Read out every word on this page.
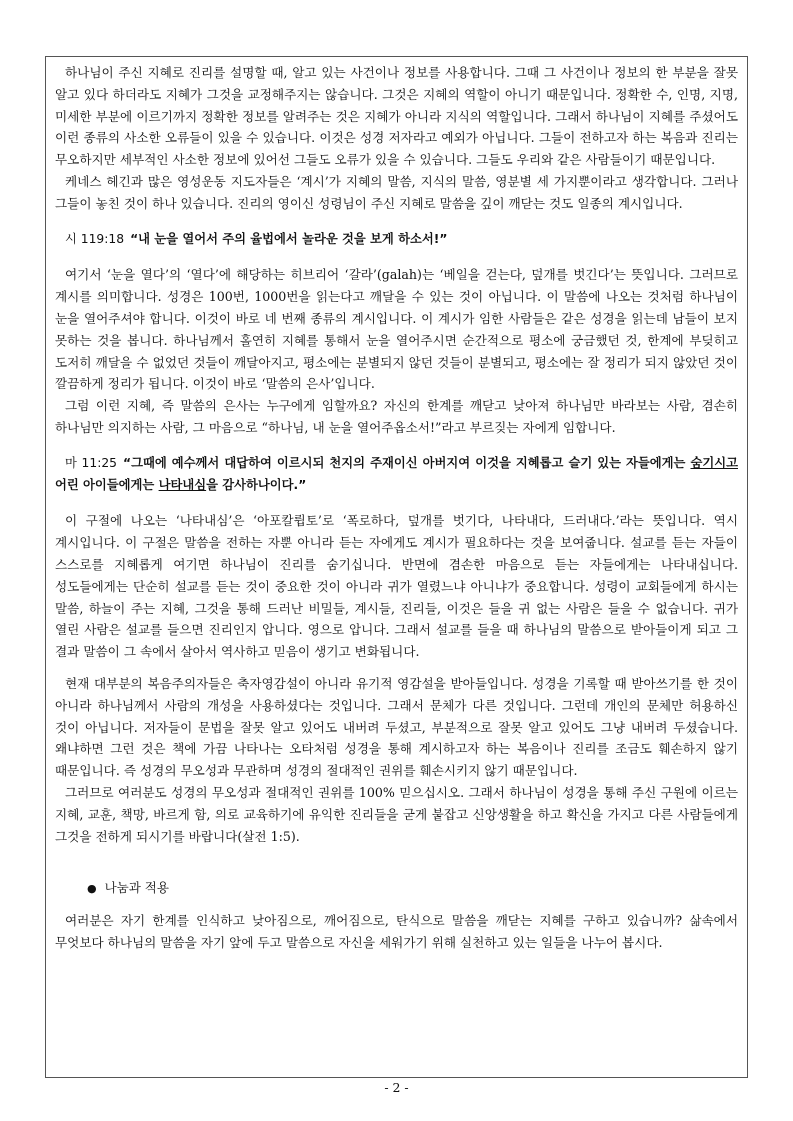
하나님이 주신 지혜로 진리를 설명할 때, 알고 있는 사건이나 정보를 사용합니다. 그때 그 사건이나 정보의 한 부분을 잘못 알고 있다 하더라도 지혜가 그것을 교정해주지는 않습니다. 그것은 지혜의 역할이 아니기 때문입니다. 정확한 수, 인명, 지명, 미세한 부분에 이르기까지 정확한 정보를 알려주는 것은 지혜가 아니라 지식의 역할입니다. 그래서 하나님이 지혜를 주셨어도 이런 종류의 사소한 오류들이 있을 수 있습니다. 이것은 성경 저자라고 예외가 아닙니다. 그들이 전하고자 하는 복음과 진리는 무오하지만 세부적인 사소한 정보에 있어선 그들도 오류가 있을 수 있습니다. 그들도 우리와 같은 사람들이기 때문입니다.

케네스 헤긴과 많은 영성운동 지도자들은 ‘계시’가 지혜의 말씀, 지식의 말씀, 영분별 세 가지뿐이라고 생각합니다. 그러나 그들이 놓친 것이 하나 있습니다. 진리의 영이신 성령님이 주신 지혜로 말씀을 깊이 깨닫는 것도 일종의 계시입니다.

시 119:18 “내 눈을 열어서 주의 율법에서 놀라운 것을 보게 하소서!”

여기서 ‘눈을 열다’의 ‘열다’에 해당하는 히브리어 ‘갈라’(galah)는 ‘베일을 걷는다, 덮개를 벗긴다’는 뜻입니다. 그러므로 계시를 의미합니다. 성경은 100번, 1000번을 읽는다고 깨달을 수 있는 것이 아닙니다. 이 말씀에 나오는 것처럼 하나님이 눈을 열어주셔야 합니다. 이것이 바로 네 번째 종류의 계시입니다. 이 계시가 임한 사람들은 같은 성경을 읽는데 남들이 보지 못하는 것을 봅니다. 하나님께서 홀연히 지혜를 통해서 눈을 열어주시면 순간적으로 평소에 궁금했던 것, 한계에 부딪히고 도저히 깨달을 수 없었던 것들이 깨달아지고, 평소에는 분별되지 않던 것들이 분별되고, 평소에는 잘 정리가 되지 않았던 것이 깔끔하게 정리가 됩니다. 이것이 바로 ‘말씀의 은사’입니다.

그럼 이런 지혜, 즉 말씀의 은사는 누구에게 임할까요? 자신의 한계를 깨닫고 낮아져 하나님만 바라보는 사람, 겸손히 하나님만 의지하는 사람, 그 마음으로 “하나님, 내 눈을 열어주옵소서!”라고 부르짖는 자에게 임합니다.

마 11:25 “그때에 예수께서 대답하여 이르시되 천지의 주재이신 아버지여 이것을 지혜롭고 슬기 있는 자들에게는 숨기시고 어린 아이들에게는 나타내심을 감사하나이다.”

이 구절에 나오는 ‘나타내심’은 ‘아포칼륍토’로 ‘폭로하다, 덮개를 벗기다, 나타내다, 드러내다.’라는 뜻입니다. 역시 계시입니다. 이 구절은 말씀을 전하는 자뿐 아니라 듣는 자에게도 계시가 필요하다는 것을 보여줍니다. 설교를 듣는 자들이 스스로를 지혜롭게 여기면 하나님이 진리를 숨기십니다. 반면에 겸손한 마음으로 듣는 자들에게는 나타내십니다. 성도들에게는 단순히 설교를 듣는 것이 중요한 것이 아니라 귀가 열렸느냐 아니냐가 중요합니다. 성령이 교회들에게 하시는 말씀, 하늘이 주는 지혜, 그것을 통해 드러난 비밀들, 계시들, 진리들, 이것은 들을 귀 없는 사람은 들을 수 없습니다. 귀가 열린 사람은 설교를 들으면 진리인지 압니다. 영으로 압니다. 그래서 설교를 들을 때 하나님의 말씀으로 받아들이게 되고 그 결과 말씀이 그 속에서 살아서 역사하고 믿음이 생기고 변화됩니다.

현재 대부분의 복음주의자들은 축자영감설이 아니라 유기적 영감설을 받아들입니다. 성경을 기록할 때 받아쓰기를 한 것이 아니라 하나님께서 사람의 개성을 사용하셨다는 것입니다. 그래서 문체가 다른 것입니다. 그런데 개인의 문체만 허용하신 것이 아닙니다. 저자들이 문법을 잘못 알고 있어도 내버려 두셨고, 부분적으로 잘못 알고 있어도 그냥 내버려 두셨습니다. 왜냐하면 그런 것은 책에 가끔 나타나는 오타처럼 성경을 통해 계시하고자 하는 복음이나 진리를 조금도 훼손하지 않기 때문입니다. 즉 성경의 무오성과 무관하며 성경의 절대적인 권위를 훼손시키지 않기 때문입니다.

그러므로 여러분도 성경의 무오성과 절대적인 권위를 100% 믿으십시오. 그래서 하나님이 성경을 통해 주신 구원에 이르는 지혜, 교훈, 책망, 바르게 함, 의로 교육하기에 유익한 진리들을 굳게 붙잡고 신앙생활을 하고 확신을 가지고 다른 사람들에게 그것을 전하게 되시기를 바랍니다(살전 1:5).

● 나눔과 적용

여러분은 자기 한계를 인식하고 낮아짐으로, 깨어짐으로, 탄식으로 말씀을 깨닫는 지혜를 구하고 있습니까? 삶속에서 무엇보다 하나님의 말씀을 자기 앞에 두고 말씀으로 자신을 세워가기 위해 실천하고 있는 일들을 나누어 봅시다.

- 2 -
